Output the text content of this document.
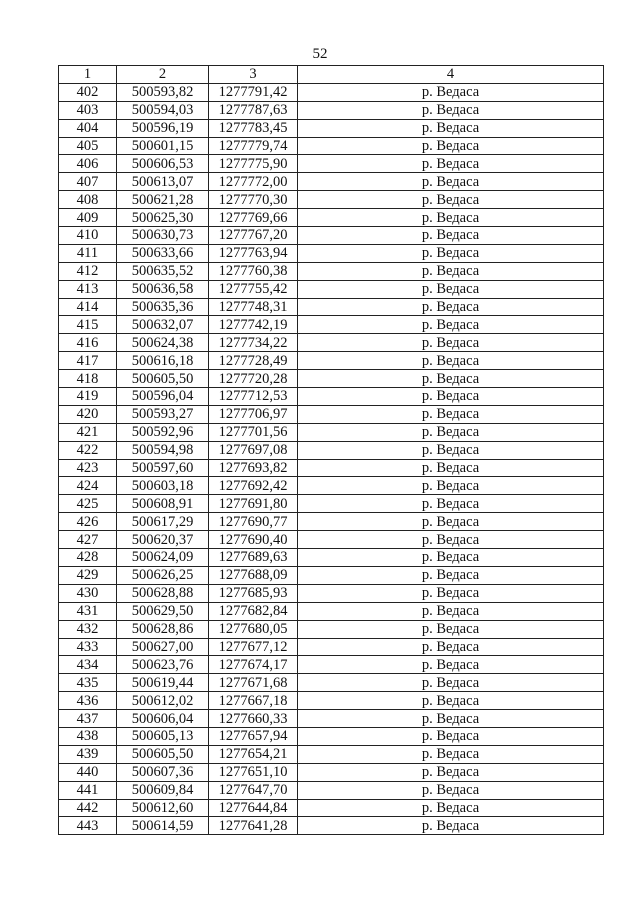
52
1	2	3	4
402	500593,82	1277791,42	р. Ведаса
403	500594,03	1277787,63	р. Ведаса
404	500596,19	1277783,45	р. Ведаса
405	500601,15	1277779,74	р. Ведаса
406	500606,53	1277775,90	р. Ведаса
407	500613,07	1277772,00	р. Ведаса
408	500621,28	1277770,30	р. Ведаса
409	500625,30	1277769,66	р. Ведаса
410	500630,73	1277767,20	р. Ведаса
411	500633,66	1277763,94	р. Ведаса
412	500635,52	1277760,38	р. Ведаса
413	500636,58	1277755,42	р. Ведаса
414	500635,36	1277748,31	р. Ведаса
415	500632,07	1277742,19	р. Ведаса
416	500624,38	1277734,22	р. Ведаса
417	500616,18	1277728,49	р. Ведаса
418	500605,50	1277720,28	р. Ведаса
419	500596,04	1277712,53	р. Ведаса
420	500593,27	1277706,97	р. Ведаса
421	500592,96	1277701,56	р. Ведаса
422	500594,98	1277697,08	р. Ведаса
423	500597,60	1277693,82	р. Ведаса
424	500603,18	1277692,42	р. Ведаса
425	500608,91	1277691,80	р. Ведаса
426	500617,29	1277690,77	р. Ведаса
427	500620,37	1277690,40	р. Ведаса
428	500624,09	1277689,63	р. Ведаса
429	500626,25	1277688,09	р. Ведаса
430	500628,88	1277685,93	р. Ведаса
431	500629,50	1277682,84	р. Ведаса
432	500628,86	1277680,05	р. Ведаса
433	500627,00	1277677,12	р. Ведаса
434	500623,76	1277674,17	р. Ведаса
435	500619,44	1277671,68	р. Ведаса
436	500612,02	1277667,18	р. Ведаса
437	500606,04	1277660,33	р. Ведаса
438	500605,13	1277657,94	р. Ведаса
439	500605,50	1277654,21	р. Ведаса
440	500607,36	1277651,10	р. Ведаса
441	500609,84	1277647,70	р. Ведаса
442	500612,60	1277644,84	р. Ведаса
443	500614,59	1277641,28	р. Ведаса
